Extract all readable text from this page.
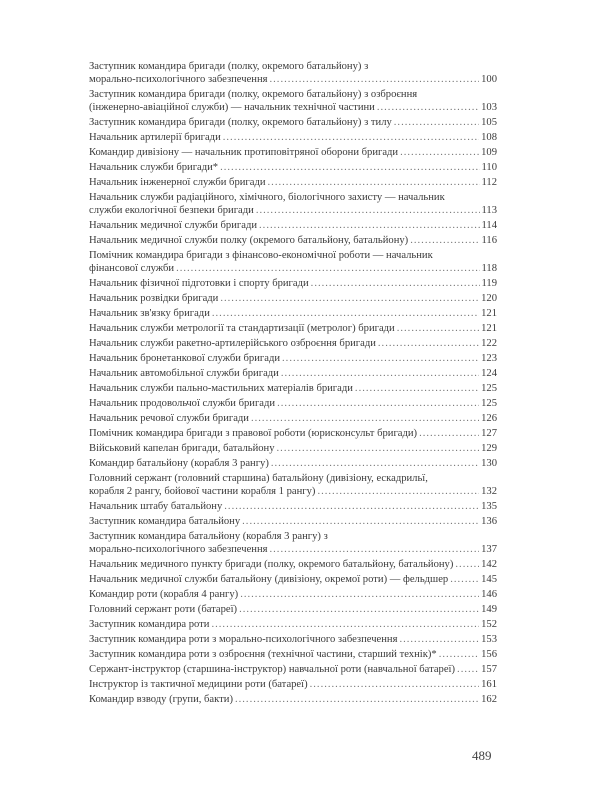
Заступник командира бригади (полку, окремого батальйону) з
морально-психологічного забезпечення .....	100
Заступник командира бригади (полку, окремого батальйону) з озброєння
(інженерно-авіаційної служби) — начальник технічної частини .....	103
Заступник командира бригади (полку, окремого батальйону) з тилу .....	105
Начальник артилерії бригади .....	108
Командир дивізіону — начальник протиповітряної оборони бригади .....	109
Начальник служби бригади* .....	110
Начальник інженерної служби бригади .....	112
Начальник служби радіаційного, хімічного, біологічного захисту — начальник
служби екологічної безпеки бригади .....	113
Начальник медичної служби бригади .....	114
Начальник медичної служби полку (окремого батальйону, батальйону) .....	116
Помічник командира бригади з фінансово-економічної роботи — начальник
фінансової служби .....	118
Начальник фізичної підготовки і спорту бригади .....	119
Начальник розвідки бригади .....	120
Начальник зв'язку бригади .....	121
Начальник служби метрології та стандартизації (метролог) бригади .....	121
Начальник служби ракетно-артилерійського озброєння бригади .....	122
Начальник бронетанкової служби бригади .....	123
Начальник автомобільної служби бригади .....	124
Начальник служби пально-мастильних матеріалів бригади .....	125
Начальник продовольчої служби бригади .....	125
Начальник речової служби бригади .....	126
Помічник командира бригади з правової роботи (юрисконсульт бригади) .....	127
Військовий капелан бригади, батальйону .....	129
Командир батальйону (корабля 3 рангу) .....	130
Головний сержант (головний старшина) батальйону (дивізіону, ескадрильї,
корабля 2 рангу, бойової частини корабля 1 рангу) .....	132
Начальник штабу батальйону .....	135
Заступник командира батальйону .....	136
Заступник командира батальйону (корабля 3 рангу) з
морально-психологічного забезпечення .....	137
Начальник медичного пункту бригади (полку, окремого батальйону, батальйону) .....	142
Начальник медичної служби батальйону (дивізіону, окремої роти) — фельдшер .....	145
Командир роти (корабля 4 рангу) .....	146
Головний сержант роти (батареї) .....	149
Заступник командира роти .....	152
Заступник командира роти з морально-психологічного забезпечення .....	153
Заступник командира роти з озброєння (технічної частини, старший технік)* .....	156
Сержант-інструктор (старшина-інструктор) навчальної роти (навчальної батареї) ..... 157
Інструктор із тактичної медицини роти (батареї) .....	161
Командир взводу (групи, бакти) .....	162
489
